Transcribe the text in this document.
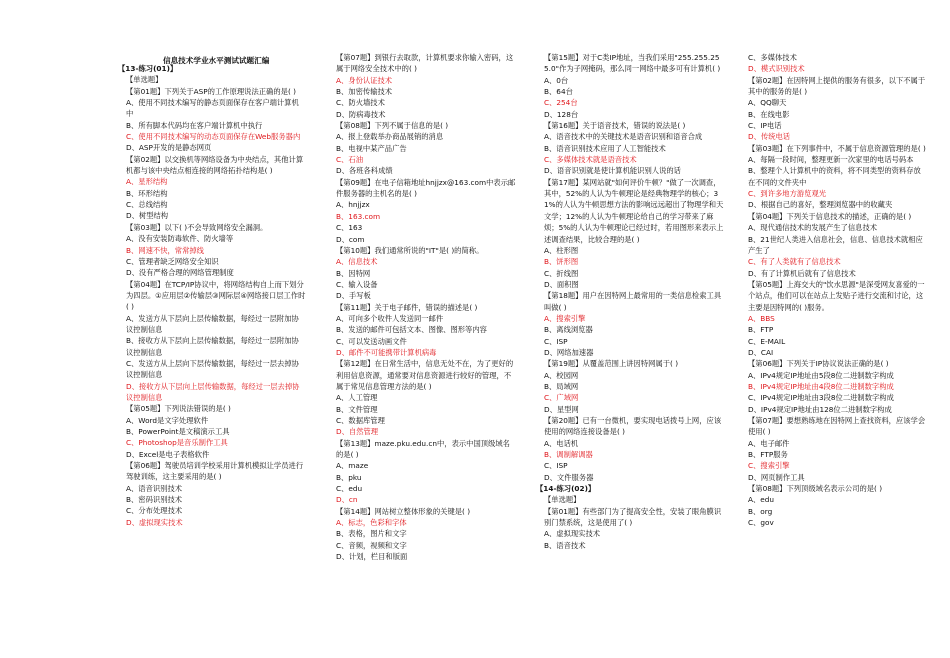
信息技术学业水平测试试题汇编
【13-练习(01)】
【单选题】
【第01题】下列关于ASP的工作原理说法正确的是( )
A、使用不同技术编写的静态页面保存在客户端计算机中
B、所有脚本代码均在客户端计算机中执行
C、使用不同技术编写的动态页面保存在Web服务器内
D、ASP开发的是静态网页
【第02题】以交换机等网络设备为中央结点，其他计算机都与该中央结点相连接的网络拓扑结构是( )
A、星形结构
B、环形结构
C、总线结构
D、树型结构
【第03题】以下( )不会导致网络安全漏洞。
A、没有安装防毒软件、防火墙等
B、网速不快，常常掉线
C、管理者缺乏网络安全知识
D、没有严格合理的网络管理制度
【第04题】在TCP/IP协议中，将网络结构自上而下划分为四层。①应用层②传输层③网际层④网络接口层工作时( )
A、发送方从下层向上层传输数据，每经过一层附加协议控制信息
B、接收方从下层向上层传输数据，每经过一层附加协议控制信息
C、发送方从上层向下层传输数据，每经过一层去掉协议控制信息
D、接收方从下层向上层传输数据，每经过一层去掉协议控制信息
【第05题】下列说法错误的是( )
A、Word是文字处理软件
B、PowerPoint是文稿演示工具
C、Photoshop是音乐制作工具
D、Excel是电子表格软件
【第06题】驾驶员培训学校采用计算机模拟让学员进行驾驶训练，这主要采用的是( )
A、语音识别技术
B、密码识别技术
C、分布处理技术
D、虚拟现实技术
【第07题】到银行去取款，计算机要求你输入密码，这属于网络安全技术中的( )
A、身份认证技术
B、加密传输技术
C、防火墙技术
D、防病毒技术
【第08题】下列不属于信息的是( )
A、报上登载举办商品展销的消息
B、电视中某产品广告
C、石油
D、各班各科成绩
【第09题】在电子信箱地址hnjjzx@163.com中表示邮件服务器的主机名的是( )
A、hnjjzx
B、163.com
C、163
D、com
【第10题】我们通常所说的"IT"是( )的简称。
A、信息技术
B、因特网
C、输入设备
D、手写板
【第11题】关于电子邮件，错误的描述是( )
A、可向多个收件人发送同一邮件
B、发送的邮件可包括文本、图像、图形等内容
C、可以发送动画文件
D、邮件不可能携带计算机病毒
【第12题】在日常生活中，信息无处不在，为了更好的利用信息资源，通常要对信息资源进行较好的管理，不属于常见信息管理方法的是( )
A、人工管理
B、文件管理
C、数据库管理
D、自然管理
【第13题】maze.pku.edu.cn中，表示中国顶级域名的是( )
A、maze
B、pku
C、edu
D、cn
【第14题】网站树立整体形象的关键是( )
A、标志，色彩和字体
B、表格，图片和文字
C、音频，视频和文字
D、计划，栏目和版面
【第15题】对于C类IP地址，当我们采用"255.255.255.0"作为子网掩码，那么同一网络中最多可有计算机( )
A、0台
B、64台
C、254台
D、128台
【第16题】关于语音技术，错误的说法是( )
A、语音技术中的关键技术是语音识别和语音合成
B、语音识别技术应用了人工智能技术
C、多媒体技术就是语音技术
D、语音识别就是使计算机能识别人说的话
【第17题】某网站就"如何评价牛顿？"做了一次调查，其中，52%的人认为牛顿理论是经典物理学的核心；31%的人认为牛顿思想方法的影响远远超出了物理学和天文学；12%的人认为牛顿理论给自己的学习带来了麻烦；5%的人认为牛顿理论已经过时，若用图形来表示上述调查结果，比较合理的是( )
A、柱形图
B、饼形图
C、折线图
D、面积图
【第18题】用户在因特网上最常用的一类信息检索工具叫做( )
A、搜索引擎
B、离线浏览器
C、ISP
D、网络加速器
【第19题】从覆盖范围上讲因特网属于( )
A、校园网
B、局域网
C、广域网
D、星型网
【第20题】已有一台微机，要实现电话拨号上网，应该使用的网络连接设备是( )
A、电话机
B、调制解调器
C、ISP
D、文件服务器
【14-练习(02)】
【单选题】
【第01题】有些部门为了提高安全性，安装了眼角膜识别门禁系统，这是使用了( )
A、虚拟现实技术
B、语音技术
C、多媒体技术
D、模式识别技术
【第02题】在因特网上提供的服务有很多，以下不属于其中的服务的是( )
A、QQ聊天
B、在线电影
C、IP电话
D、传统电话
【第03题】在下列事件中，不属于信息资源管理的是( )
A、每隔一段时间，整理更新一次家里的电话号码本
B、整理个人计算机中的资料，将不同类型的资料存放在不同的文件夹中
C、到许多地方游览观光
D、根据自己的喜好，整理浏览器中的收藏夹
【第04题】下列关于信息技术的描述，正确的是( )
A、现代通信技术的发展产生了信息技术
B、21世纪人类进入信息社会，信息、信息技术就相应产生了
C、有了人类就有了信息技术
D、有了计算机后就有了信息技术
【第05题】上海交大的"饮水思源"是深受网友喜爱的一个站点，他们可以在站点上发贴子进行交流和讨论，这主要是因特网的( )服务。
A、BBS
B、FTP
C、E-MAIL
D、CAI
【第06题】下列关于IP协议说法正确的是( )
A、IPv4规定IP地址由5段8位二进制数字构成
B、IPv4规定IP地址由4段8位二进制数字构成
C、IPv4规定IP地址由3段8位二进制数字构成
D、IPv4规定IP地址由128位二进制数字构成
【第07题】要想熟练地在因特网上查找资料，应该学会使用( )
A、电子邮件
B、FTP服务
C、搜索引擎
D、网页制作工具
【第08题】下列顶级域名表示公司的是( )
A、edu
B、org
C、gov
